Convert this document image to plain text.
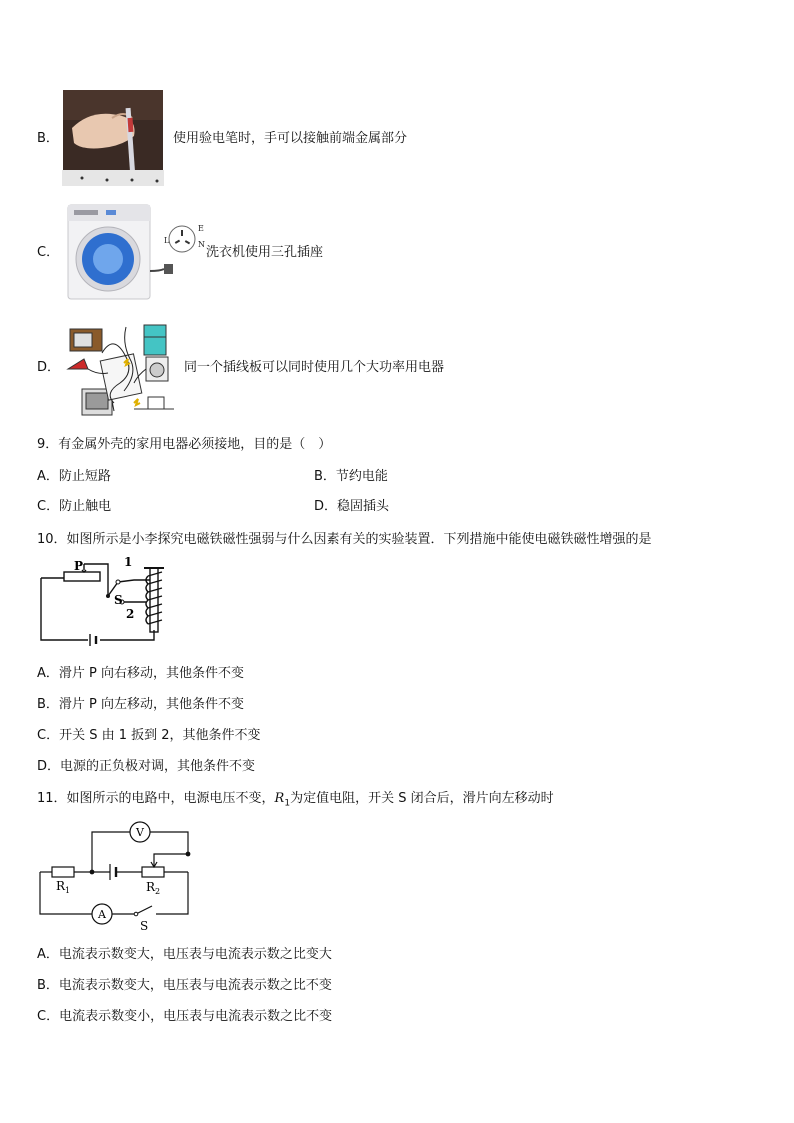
B．	使用验电笔时，手可以接触前端金属部分
C．
E
L	N
洗衣机使用三孔插座
D．	同一个插线板可以同时使用几个大功率用电器
9．有金属外壳的家用电器必须接地，目的是（　）
A．防止短路	B．节约电能
C．防止触电	D．稳固插头
10．如图所示是小李探究电磁铁磁性强弱与什么因素有关的实验装置．下列措施中能使电磁铁磁性增强的是
P	1
S
2
A．滑片 P 向右移动，其他条件不变
B．滑片 P 向左移动，其他条件不变
C．开关 S 由 1 扳到 2，其他条件不变
D．电源的正负极对调，其他条件不变
11．如图所示的电路中，电源电压不变，$R_1$为定值电阻，开关 S 闭合后，滑片向左移动时
V
A
$R_1$	$R_2$
S
A．电流表示数变大，电压表与电流表示数之比变大
B．电流表示数变大，电压表与电流表示数之比不变
C．电流表示数变小，电压表与电流表示数之比不变
